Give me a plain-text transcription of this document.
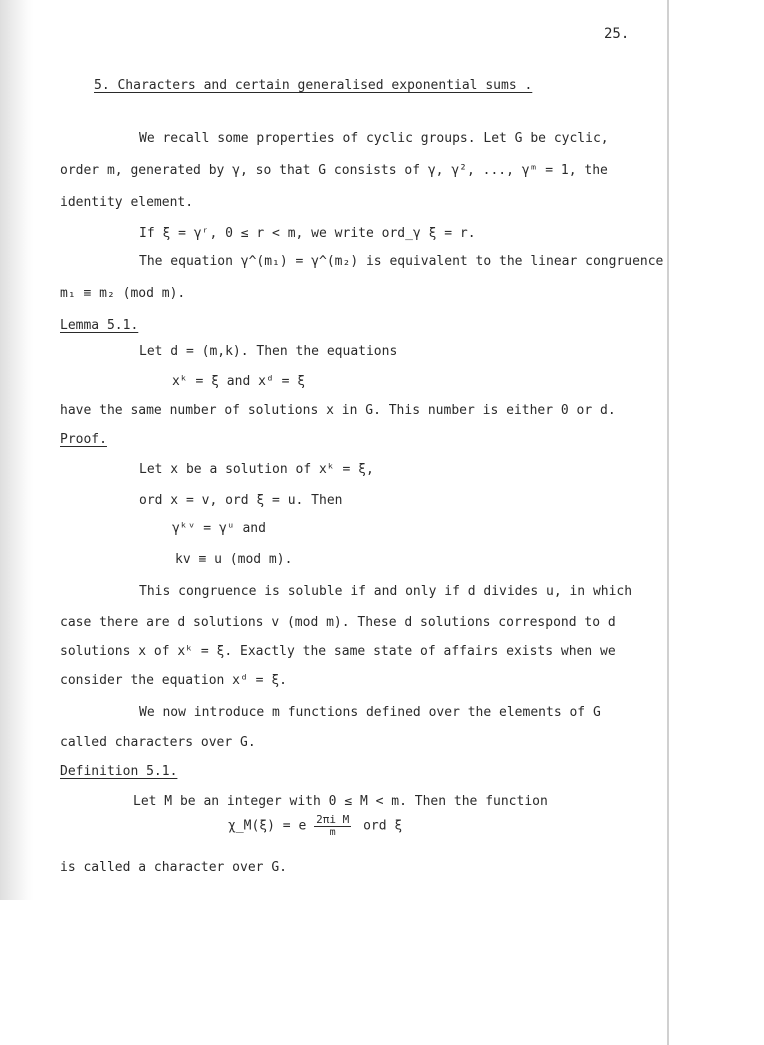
25.
5. Characters and certain generalised exponential sums .
We recall some properties of cyclic groups. Let G be cyclic,
order m, generated by γ, so that G consists of γ, γ², ..., γᵐ = 1, the
identity element.
If ξ = γʳ, 0 ≤ r < m, we write ord_γ ξ = r.
The equation γ^(m₁) = γ^(m₂) is equivalent to the linear congruence
m₁ ≡ m₂ (mod m).
Lemma 5.1.
Let d = (m,k). Then the equations
xᵏ = ξ and xᵈ = ξ
have the same number of solutions x in G. This number is either 0 or d.
Proof.
Let x be a solution of xᵏ = ξ,
ord x = v, ord ξ = u. Then
γᵏᵛ = γᵘ and
kv ≡ u (mod m).
This congruence is soluble if and only if d divides u, in which
case there are d solutions v (mod m). These d solutions correspond to d
solutions x of xᵏ = ξ. Exactly the same state of affairs exists when we
consider the equation xᵈ = ξ.
We now introduce m functions defined over the elements of G
called characters over G.
Definition 5.1.
Let M be an integer with 0 ≤ M < m. Then the function
χ_M(ξ) = e $\frac{\text{2πi M}}{m}$ ord ξ
is called a character over G.
